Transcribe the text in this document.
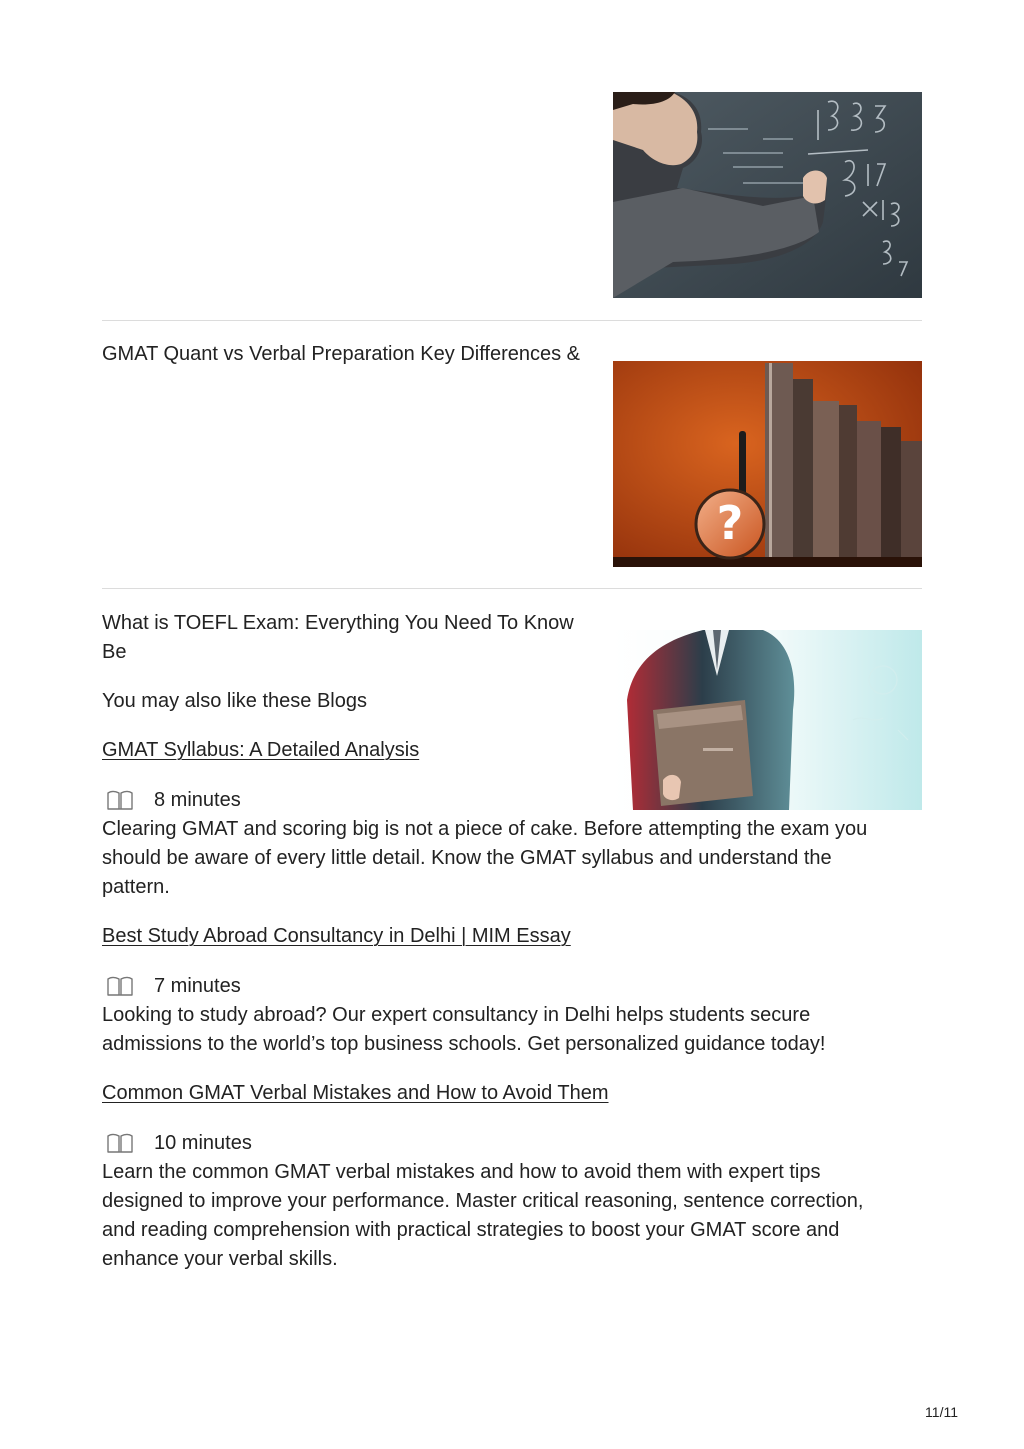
GMAT Quant vs Verbal Preparation Key Differences &
?
What is TOEFL Exam: Everything You Need To Know Be

You may also like these Blogs

GMAT Syllabus: A Detailed Analysis
8 minutes

Clearing GMAT and scoring big is not a piece of cake. Before attempting the exam you should be aware of every little detail. Know the GMAT syllabus and understand the pattern.

Best Study Abroad Consultancy in Delhi | MIM Essay
7 minutes

Looking to study abroad? Our expert consultancy in Delhi helps students secure admissions to the world’s top business schools. Get personalized guidance today!

Common GMAT Verbal Mistakes and How to Avoid Them
10 minutes

Learn the common GMAT verbal mistakes and how to avoid them with expert tips designed to improve your performance. Master critical reasoning, sentence correction, and reading comprehension with practical strategies to boost your GMAT score and enhance your verbal skills.

11/11
